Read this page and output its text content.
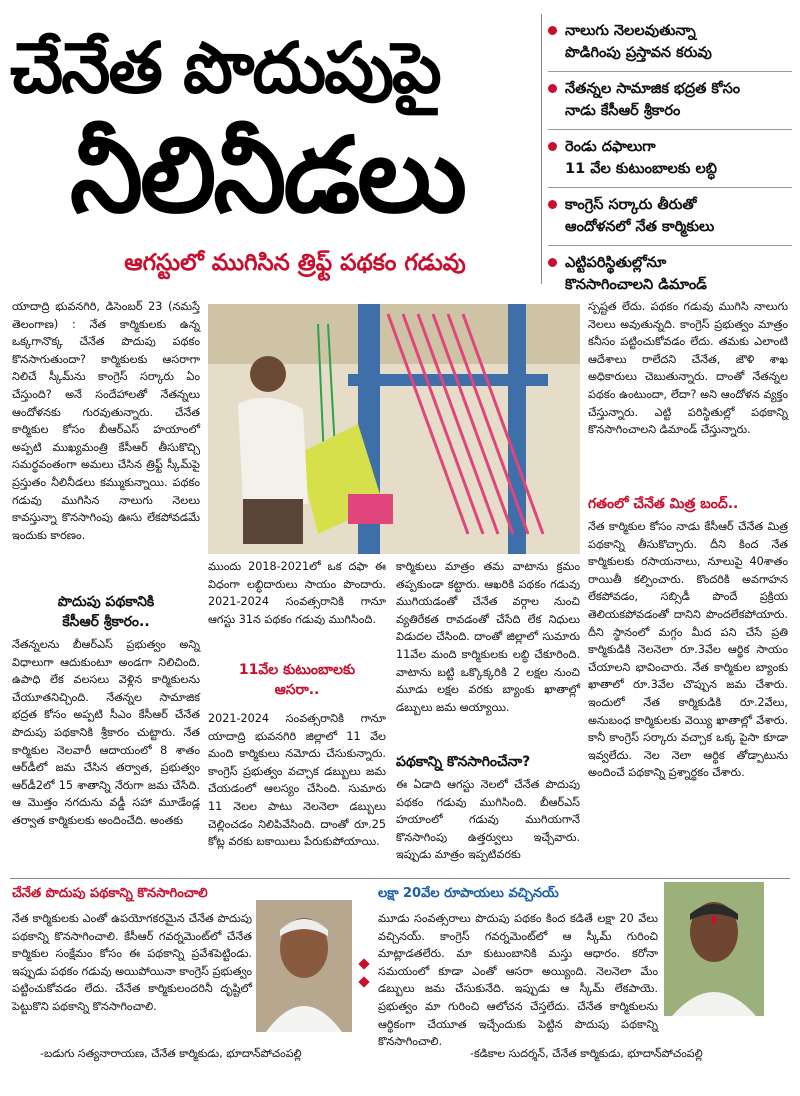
చేనేత పొదుపుపై
నీలినీడలు
ఆగస్టులో ముగిసిన త్రిఫ్ట్ పథకం గడువు
నాలుగు నెలలవుతున్నా
పొడిగింపు ప్రస్తావన కరువు
నేతన్నల సామాజిక భద్రత కోసం
నాడు కేసీఆర్ శ్రీకారం
రెండు దఫాలుగా
11 వేల కుటుంబాలకు లబ్ధి
కాంగ్రెస్ సర్కారు తీరుతో
ఆందోళనలో నేత కార్మికులు
ఎట్టిపరిస్థితుల్లోనూ
కొనసాగించాలని డిమాండ్
యాదాద్రి భువనగిరి, డిసెంబర్ 23 (నమస్తే తెలంగాణ) : నేత కార్మికులకు ఉన్న ఒక్కగానొక్క చేనేత పొదుపు పథకం కొనసాగుతుందా? కార్మికులకు ఆసరాగా నిలిచే స్కీమ్‌ను కాంగ్రెస్ సర్కారు ఏం చేస్తుంది? అనే సందేహాలతో నేతన్నలు ఆందోళనకు గురవుతున్నారు. చేనేత కార్మికుల కోసం బీఆర్ఎస్ హయాంలో అప్పటి ముఖ్యమంత్రి కేసీఆర్ తీసుకొచ్చి సమర్థవంతంగా అమలు చేసిన త్రిఫ్ట్ స్కీమ్‌పై ప్రస్తుతం నీలినీడలు కమ్ముకున్నాయి. పథకం గడువు ముగిసిన నాలుగు నెలలు కావస్తున్నా కొనసాగింపు ఊసు లేకపోవడమే ఇందుకు కారణం.
పొదుపు పథకానికి
కేసీఆర్ శ్రీకారం..
నేతన్నలను బీఆర్ఎస్ ప్రభుత్వం అన్ని విధాలుగా ఆదుకుంటూ అండగా నిలిచింది. ఉపాధి లేక వలసలు వెళ్లిన కార్మికులను చేయూతనిచ్చింది. నేతన్నల సామాజిక భద్రత కోసం అప్పటి సీఎం కేసీఆర్ చేనేత పొదుపు పథకానికి శ్రీకారం చుట్టారు. నేత కార్మికుల నెలవారీ ఆదాయంలో 8 శాతం ఆర్‌డీలో జమ చేసిన తర్వాత, ప్రభుత్వం ఆర్‌డీ2లో 15 శాతాన్ని నేరుగా జమ చేసేది. ఆ మొత్తం నగదును వడ్డీ సహా మూడేండ్ల తర్వాత కార్మికులకు అందించేది. అంతకు
ముందు 2018-2021లో ఒక దఫా ఈ విధంగా లబ్ధిదారులు సాయం పొందారు. 2021-2024 సంవత్సరానికి గానూ ఆగస్టు 31న పథకం గడువు ముగిసింది.
11వేల కుటుంబాలకు
ఆసరా..
2021-2024 సంవత్సరానికి గానూ యాదాద్రి భువనగిరి జిల్లాలో 11 వేల మంది కార్మికులు నమోదు చేసుకున్నారు. కాంగ్రెస్ ప్రభుత్వం వచ్చాక డబ్బులు జమ చేయడంలో ఆలస్యం చేసింది. సుమారు 11 నెలల పాటు నెలనెలా డబ్బులు చెల్లించడం నిలిపివేసింది. దాంతో రూ.25 కోట్ల వరకు బకాయిలు పేరుకుపోయాయి.
కార్మికులు మాత్రం తమ వాటాను క్రమం తప్పకుండా కట్టారు. ఆఖరికి పథకం గడువు ముగియడంతో చేనేత వర్గాల నుంచి వ్యతిరేకత రావడంతో చేసేది లేక నిధులు విడుదల చేసింది. దాంతో జిల్లాలో సుమారు 11వేల మంది కార్మికులకు లబ్ధి చేకూరింది. వాటాను బట్టి ఒక్కొక్కరికి 2 లక్షల నుంచి మూడు లక్షల వరకు బ్యాంకు ఖాతాల్లో డబ్బులు జమ అయ్యాయి.
పథకాన్ని కొనసాగించేనా?
ఈ ఏడాది ఆగస్టు నెలలో చేనేత పొదుపు పథకం గడువు ముగిసింది. బీఆర్ఎస్ హయాంలో గడువు ముగియగానే కొనసాగింపు ఉత్తర్వులు ఇచ్చేవారు. ఇప్పుడు మాత్రం ఇప్పటివరకు
స్పష్టత లేదు. పథకం గడువు ముగిసి నాలుగు నెలలు అవుతున్నది. కాంగ్రెస్ ప్రభుత్వం మాత్రం కనీసం పట్టించుకోవడం లేదు. తమకు ఎలాంటి ఆదేశాలు రాలేదని చేనేత, జౌళి శాఖ అధికారులు చెబుతున్నారు. దాంతో నేతన్నల పథకం ఉంటుందా, లేదా? అని ఆందోళన వ్యక్తం చేస్తున్నారు. ఎట్టి పరిస్థితుల్లో పథకాన్ని కొనసాగించాలని డిమాండ్ చేస్తున్నారు.
గతంలో చేనేత మిత్ర బంద్..
నేత కార్మికుల కోసం నాడు కేసీఆర్ చేనేత మిత్ర పథకాన్ని తీసుకొచ్చారు. దీని కింద నేత కార్మికులకు రసాయనాలు, నూలుపై 40శాతం రాయితీ కల్పించారు. కొందరికి అవగాహన లేకపోవడం, సబ్సిడీ పొందే ప్రక్రియ తెలియకపోవడంతో దానిని పొందలేకపోయారు. దీని స్థానంలో మగ్గం మీద పని చేసే ప్రతి కార్మికుడికి నెలనెలా రూ.3వేల ఆర్థిక సాయం చేయాలని భావించారు. నేత కార్మికుల బ్యాంకు ఖాతాలో రూ.3వేల చొప్పున జమ చేశారు. ఇందులో నేత కార్మికుడికి రూ.2వేలు, అనుబంధ కార్మికులకు వెయ్యి ఖాతాల్లో వేశారు. కానీ కాంగ్రెస్ సర్కారు వచ్చాక ఒక్క పైసా కూడా ఇవ్వలేదు. నెల నెలా ఆర్థిక తోడ్పాటును అందించే పథకాన్ని ప్రశ్నార్థకం చేశారు.
చేనేత పొదుపు పథకాన్ని కొనసాగించాలి
నేత కార్మికులకు ఎంతో ఉపయోగకరమైన చేనేత పొదుపు పథకాన్ని కొనసాగించాలి. కేసీఆర్ గవర్నమెంట్‌లో చేనేత కార్మికుల సంక్షేమం కోసం ఈ పథకాన్ని ప్రవేశపెట్టిండు. ఇప్పుడు పథకం గడువు అయిపోయినా కాంగ్రెస్ ప్రభుత్వం పట్టించుకోవడం లేదు. చేనేత కార్మికులందరినీ దృష్టిలో పెట్టుకొని పథకాన్ని కొనసాగించాలి.
-బడుగు సత్యనారాయణ, చేనేత కార్మికుడు, భూదాన్‌పోచంపల్లి
లక్షా 20వేల రూపాయలు వచ్చినయ్
మూడు సంవత్సరాలు పొదుపు పథకం కింద కడితే లక్షా 20 వేలు వచ్చినయ్. కాంగ్రెస్ గవర్నమెంట్‌లో ఆ స్కీమ్ గురించి మాట్లాడతలేరు. మా కుటుంబానికి మస్తు ఆధారం. కరోనా సమయంలో కూడా ఎంతో ఆసరా అయ్యింది. నెలనెలా మేం డబ్బులు జమ చేసుకునేది. ఇప్పుడు ఆ స్కీమ్ లేకపాయె. ప్రభుత్వం మా గురించి ఆలోచన చేస్తలేదు. చేనేత కార్మికులను ఆర్థికంగా చేయూత ఇచ్చేందుకు పెట్టిన పొదుపు పథకాన్ని కొనసాగించాలి.
-కడికాల సుదర్శన్, చేనేత కార్మికుడు, భూదాన్‌పోచంపల్లి
